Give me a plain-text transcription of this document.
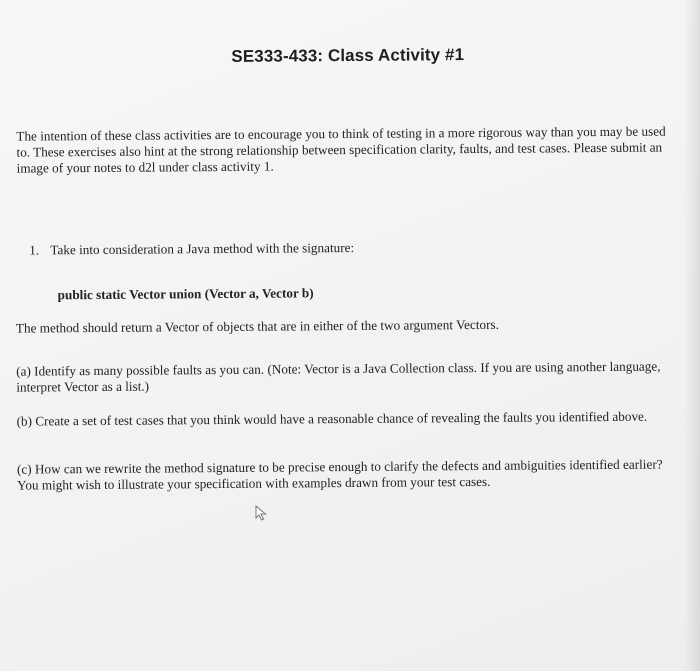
SE333-433: Class Activity #1
The intention of these class activities are to encourage you to think of testing in a more rigorous way than you may be used to. These exercises also hint at the strong relationship between specification clarity, faults, and test cases. Please submit an image of your notes to d2l under class activity 1.
1. Take into consideration a Java method with the signature:
public static Vector union (Vector a, Vector b)
The method should return a Vector of objects that are in either of the two argument Vectors.
(a) Identify as many possible faults as you can. (Note: Vector is a Java Collection class. If you are using another language, interpret Vector as a list.)
(b) Create a set of test cases that you think would have a reasonable chance of revealing the faults you identified above.
(c) How can we rewrite the method signature to be precise enough to clarify the defects and ambiguities identified earlier? You might wish to illustrate your specification with examples drawn from your test cases.
